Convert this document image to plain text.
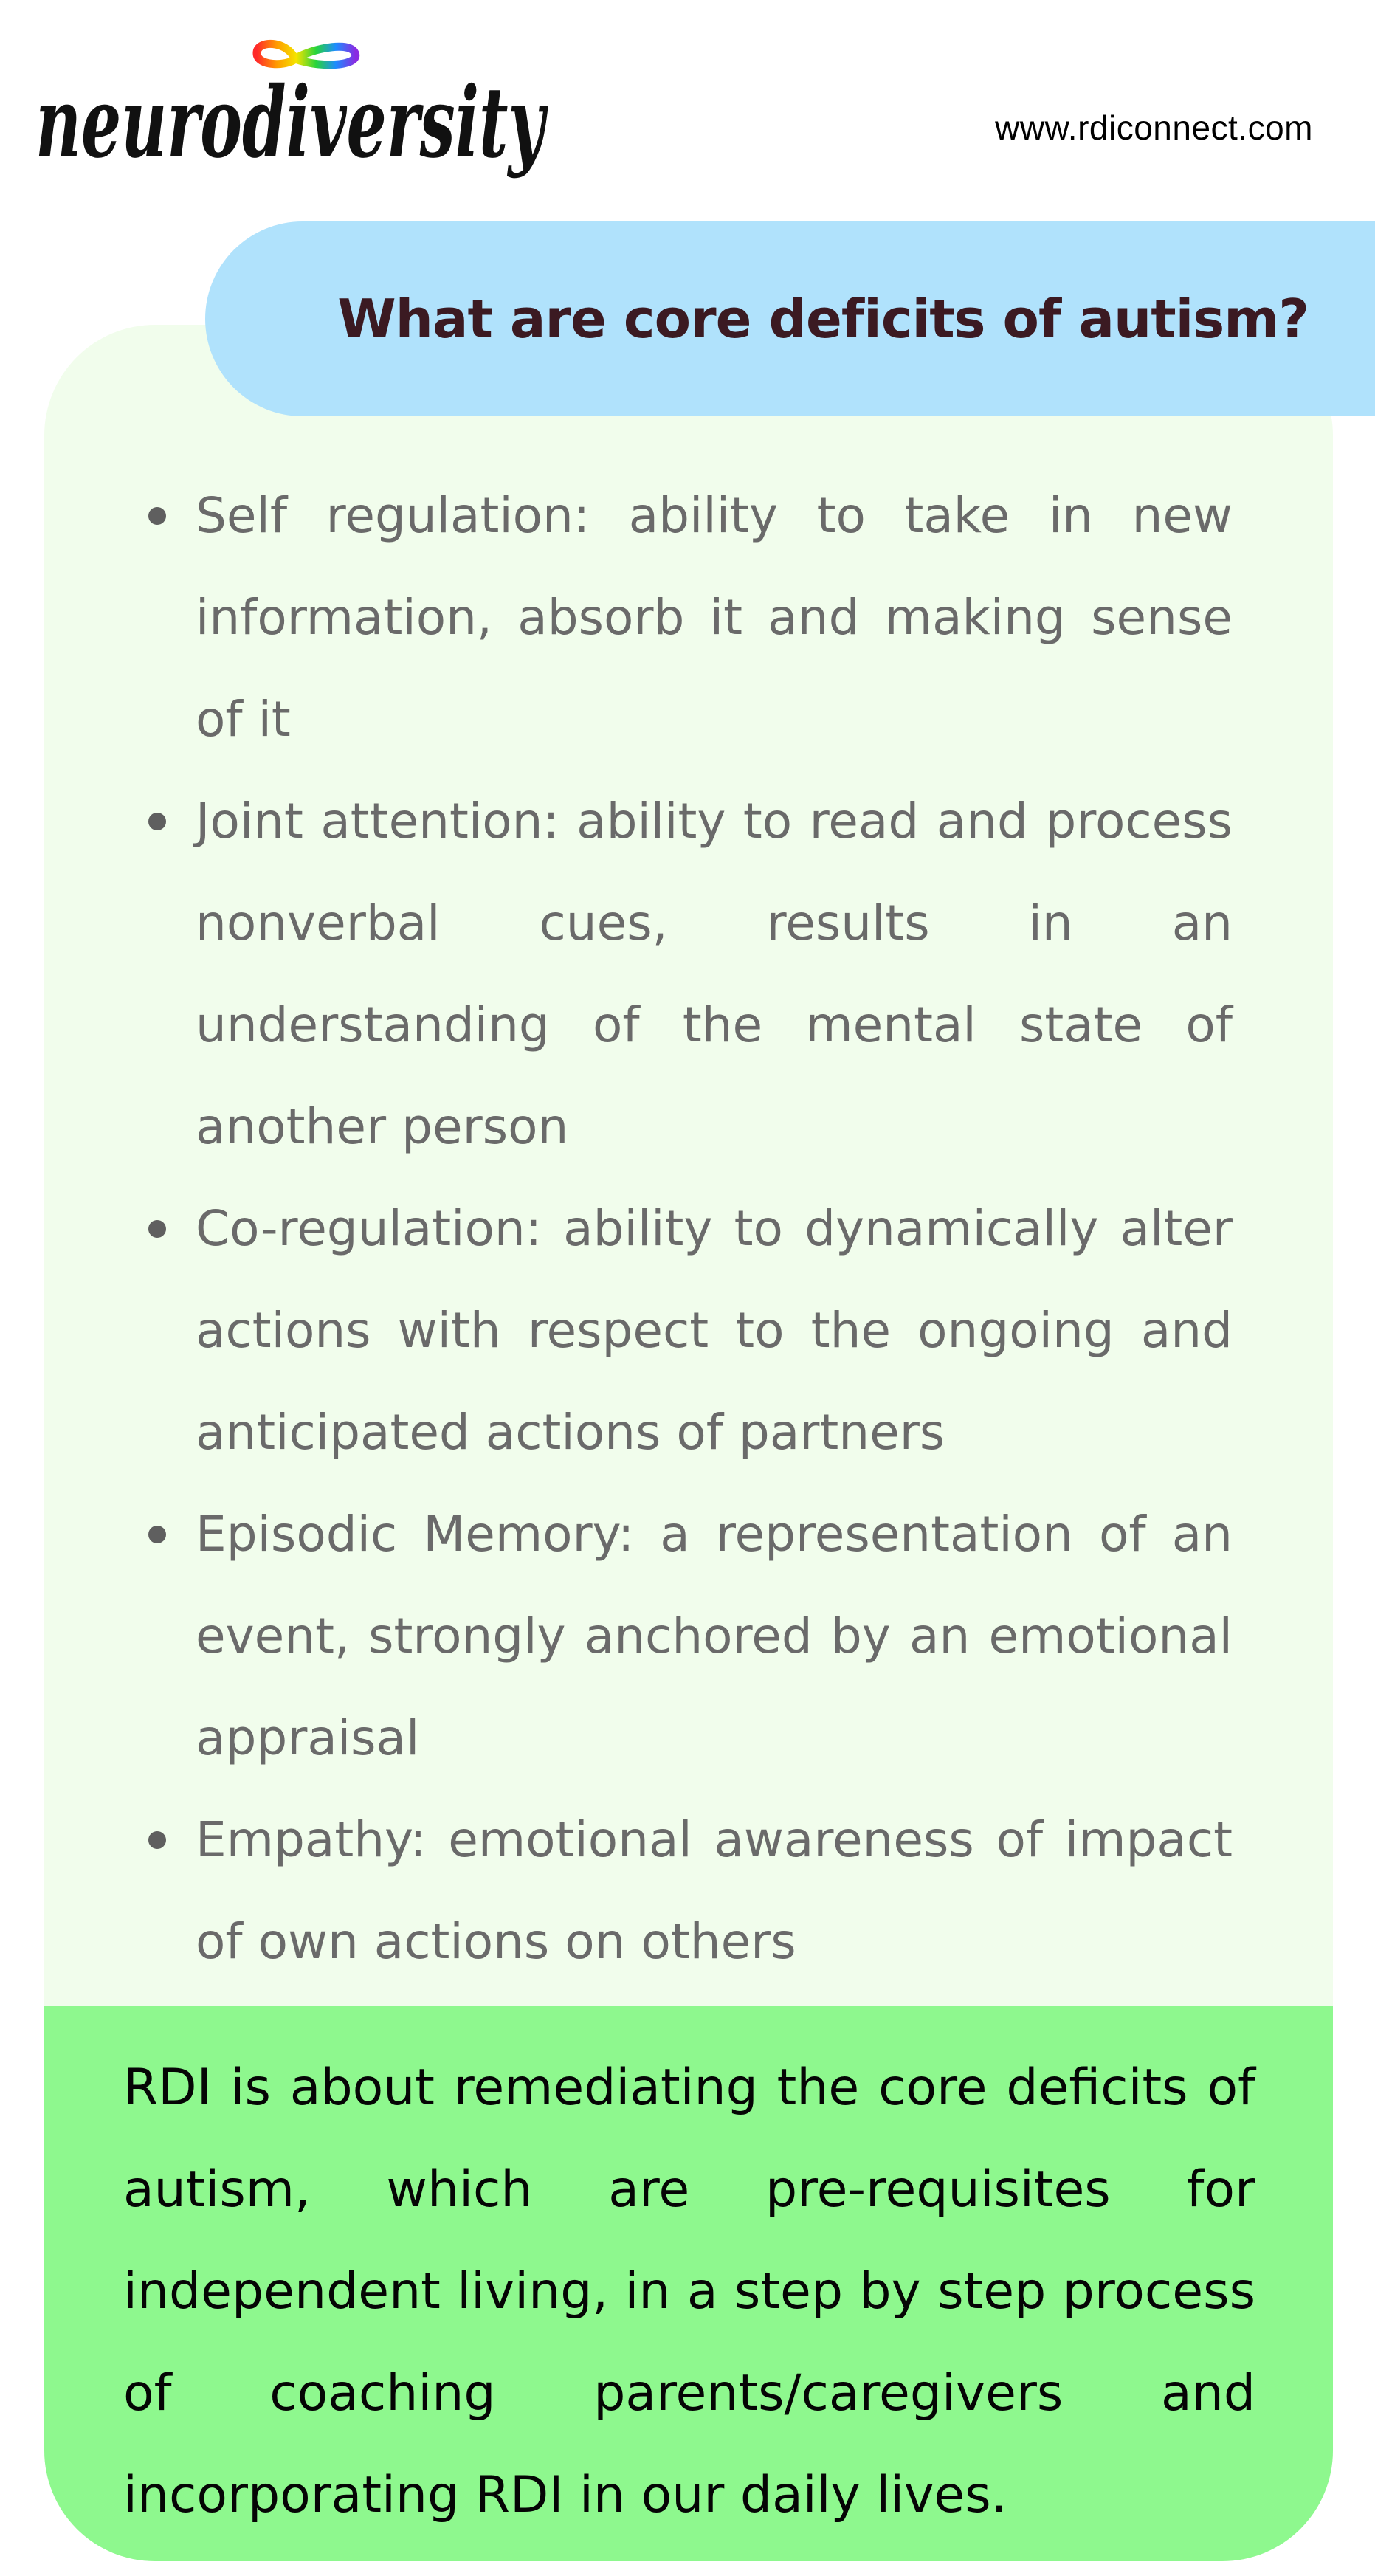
neurodiversity	www.rdiconnect.com
What are core deficits of autism?
Self regulation: ability to take in new information, absorb it and making sense of it
Joint attention: ability to read and process nonverbal cues, results in an understanding of the mental state of another person
Co-regulation: ability to dynamically alter actions with respect to the ongoing and anticipated actions of partners
Episodic Memory: a representation of an event, strongly anchored by an emotional appraisal
Empathy: emotional awareness of impact of own actions on others

RDI is about remediating the core deficits of autism, which are pre-requisites for independent living, in a step by step process of coaching parents/caregivers and incorporating RDI in our daily lives.
